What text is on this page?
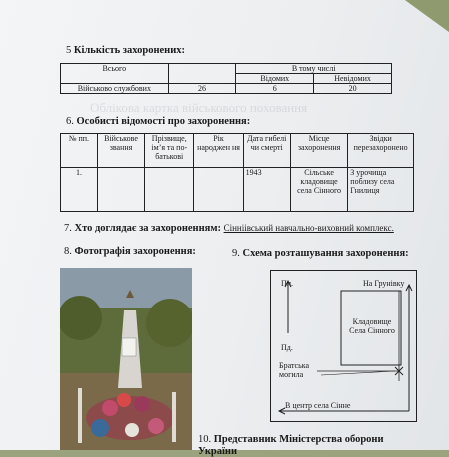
Облікова картка військового поховання
5 Кількість захоронених:
Всього		В тому числі	
		Відомих	Невідомих
Військово службовиx	26	6	20
6. Особисті відомості про захоронення:
№ пп.	Військове звання	Прізвище, ім’я та по-батькові	Рік народжен ня	Дата гибелі чи смерті	Місце захоронення	Звідки перезахоронено
1.				1943	Сільське кладовище села Сінного	З урочища поблизу села Гнилиця
7. Хто доглядає за захороненням: Сінніівський навчально-виховний комплекс.
8. Фотографія захоронення:	9. Схема розташування захоронення:
Пн.	На Грунівку
Кладовище Села Сінного
Пд.
Братська могила
В центр села Сінне
10. Представник Міністерства оборони
України
